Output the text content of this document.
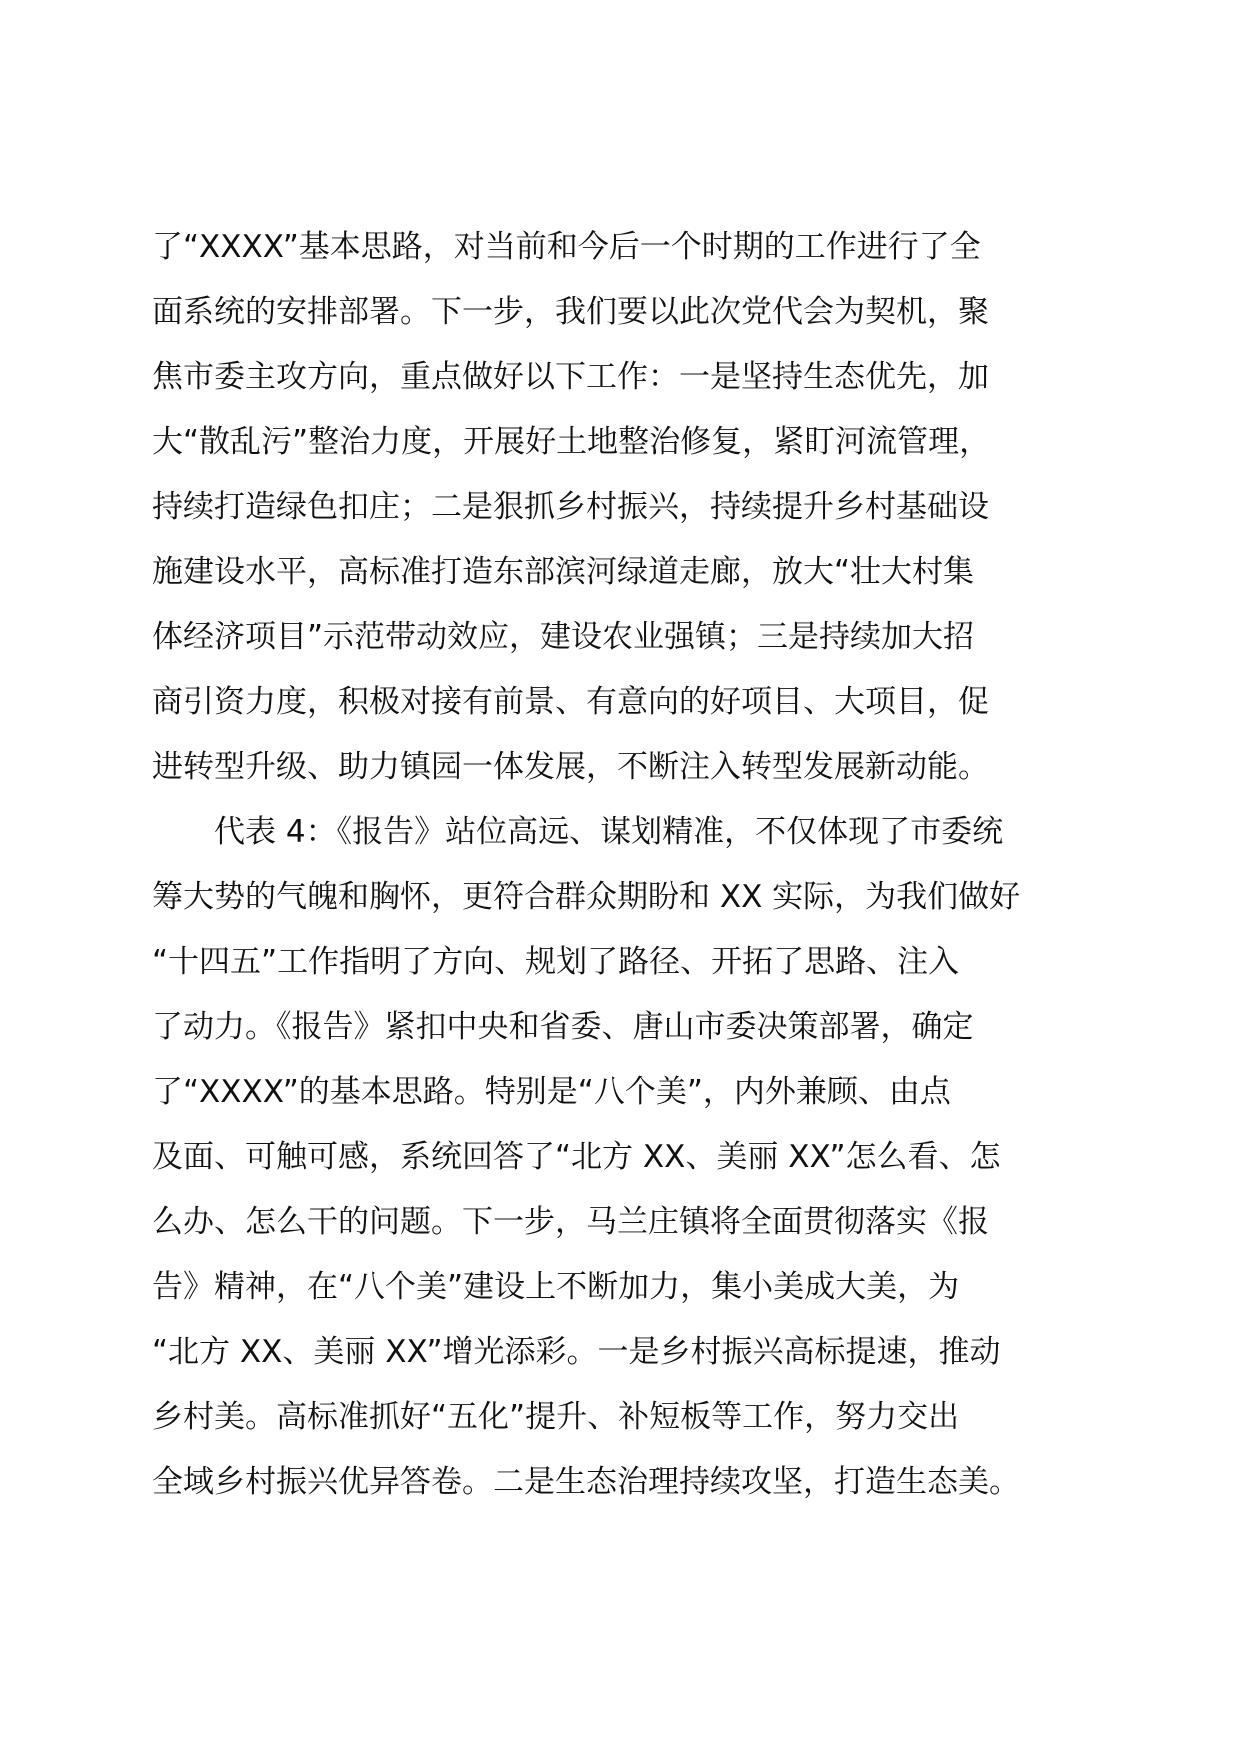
了“XXXX”基本思路，对当前和今后一个时期的工作进行了全
面系统的安排部署。下一步，我们要以此次党代会为契机，聚
焦市委主攻方向，重点做好以下工作：一是坚持生态优先，加
大“散乱污”整治力度，开展好土地整治修复，紧盯河流管理，
持续打造绿色扣庄；二是狠抓乡村振兴，持续提升乡村基础设
施建设水平，高标准打造东部滨河绿道走廊，放大“壮大村集
体经济项目”示范带动效应，建设农业强镇；三是持续加大招
商引资力度，积极对接有前景、有意向的好项目、大项目，促
进转型升级、助力镇园一体发展，不断注入转型发展新动能。
　　代表 4：《报告》站位高远、谋划精准，不仅体现了市委统
筹大势的气魄和胸怀，更符合群众期盼和 XX 实际，为我们做好
“十四五”工作指明了方向、规划了路径、开拓了思路、注入
了动力。《报告》紧扣中央和省委、唐山市委决策部署，确定
了“XXXX”的基本思路。特别是“八个美”，内外兼顾、由点
及面、可触可感，系统回答了“北方 XX、美丽 XX”怎么看、怎
么办、怎么干的问题。下一步，马兰庄镇将全面贯彻落实《报
告》精神，在“八个美”建设上不断加力，集小美成大美，为
“北方 XX、美丽 XX”增光添彩。一是乡村振兴高标提速，推动
乡村美。高标准抓好“五化”提升、补短板等工作，努力交出
全域乡村振兴优异答卷。二是生态治理持续攻坚，打造生态美。
